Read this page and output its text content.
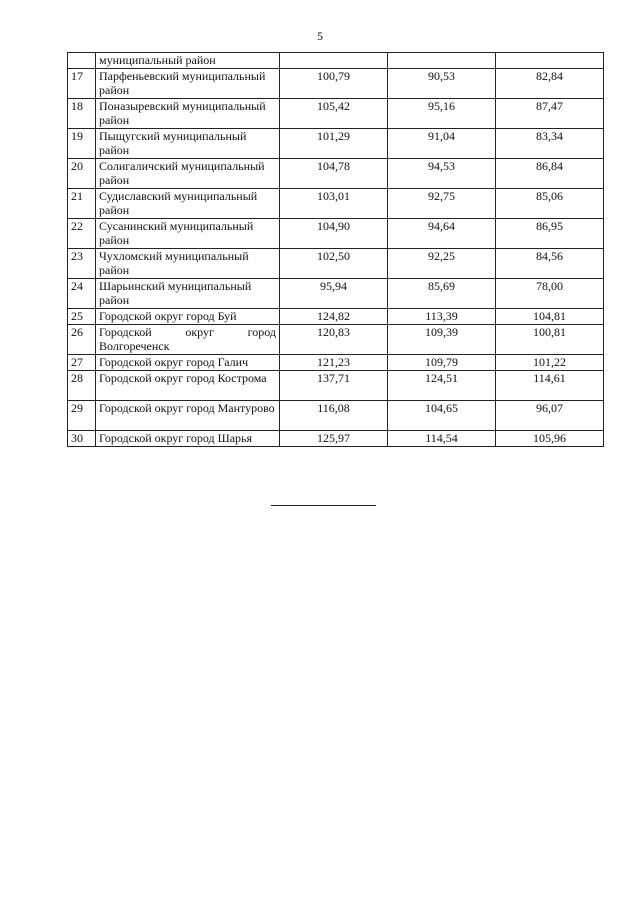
5
	муниципальный район			
17	Парфеньевский муниципальный район	100,79	90,53	82,84
18	Поназыревский муниципальный район	105,42	95,16	87,47
19	Пыщугский муниципальный район	101,29	91,04	83,34
20	Солигаличский муниципальный район	104,78	94,53	86,84
21	Судиславский муниципальный район	103,01	92,75	85,06
22	Сусанинский муниципальный район	104,90	94,64	86,95
23	Чухломский муниципальный район	102,50	92,25	84,56
24	Шарьинский муниципальный район	95,94	85,69	78,00
25	Городской округ город Буй	124,82	113,39	104,81
26	Городской округ город Волгореченск	120,83	109,39	100,81
27	Городской округ город Галич	121,23	109,79	101,22
28	Городской округ город Кострома	137,71	124,51	114,61
29	Городской округ город Мантурово	116,08	104,65	96,07
30	Городской округ город Шарья	125,97	114,54	105,96
